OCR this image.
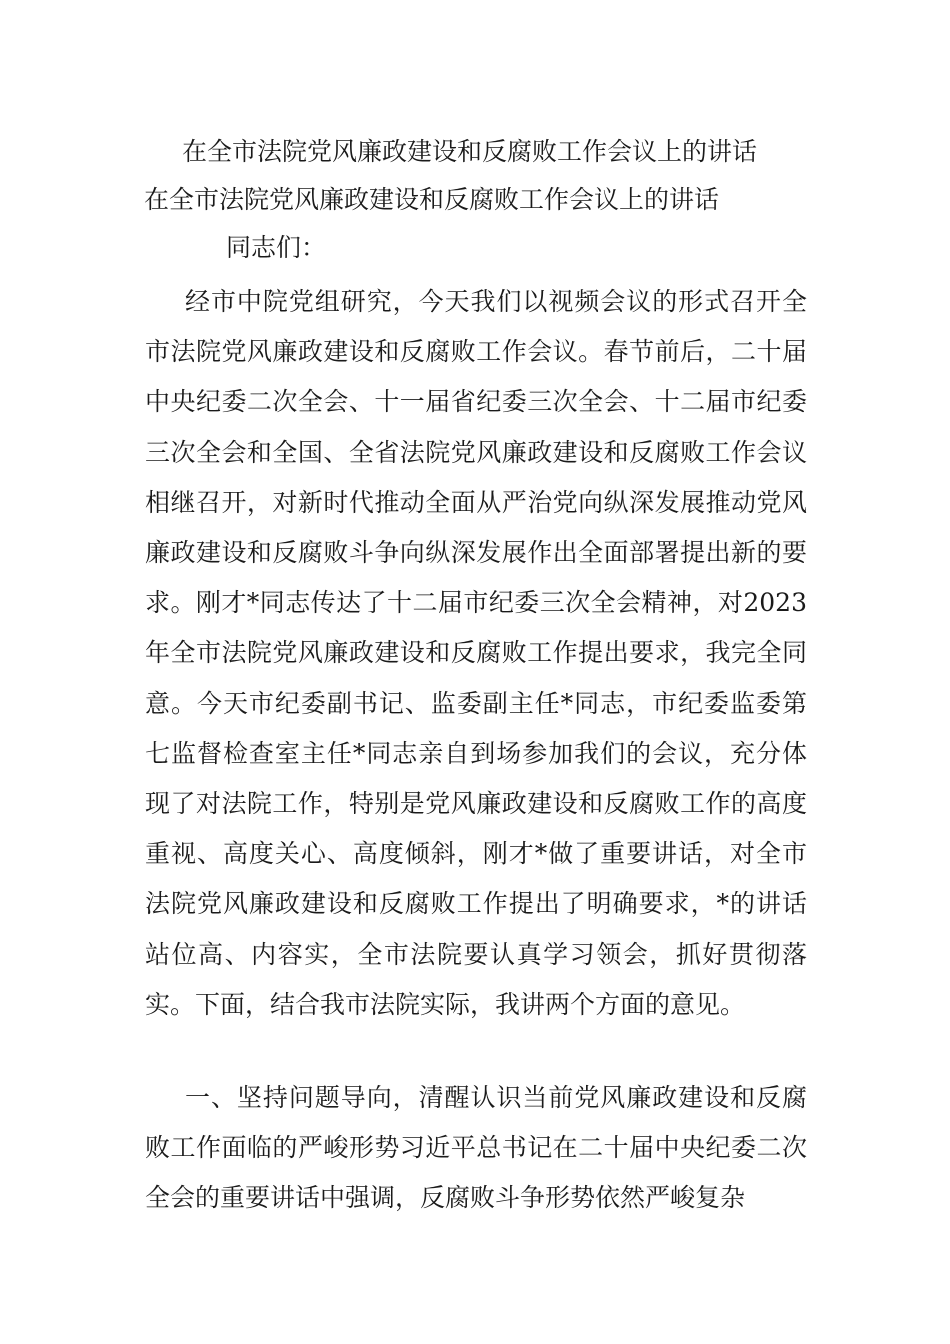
在全市法院党风廉政建设和反腐败工作会议上的讲话
在全市法院党风廉政建设和反腐败工作会议上的讲话

同志们：

经市中院党组研究，今天我们以视频会议的形式召开全市法院党风廉政建设和反腐败工作会议。春节前后，二十届中央纪委二次全会、十一届省纪委三次全会、十二届市纪委三次全会和全国、全省法院党风廉政建设和反腐败工作会议相继召开，对新时代推动全面从严治党向纵深发展推动党风廉政建设和反腐败斗争向纵深发展作出全面部署提出新的要求。刚才*同志传达了十二届市纪委三次全会精神，对2023年全市法院党风廉政建设和反腐败工作提出要求，我完全同意。今天市纪委副书记、监委副主任*同志，市纪委监委第七监督检查室主任*同志亲自到场参加我们的会议，充分体现了对法院工作，特别是党风廉政建设和反腐败工作的高度重视、高度关心、高度倾斜，刚才*做了重要讲话，对全市法院党风廉政建设和反腐败工作提出了明确要求，*的讲话站位高、内容实，全市法院要认真学习领会，抓好贯彻落实。下面，结合我市法院实际，我讲两个方面的意见。

一、坚持问题导向，清醒认识当前党风廉政建设和反腐败工作面临的严峻形势习近平总书记在二十届中央纪委二次全会的重要讲话中强调，反腐败斗争形势依然严峻复杂
